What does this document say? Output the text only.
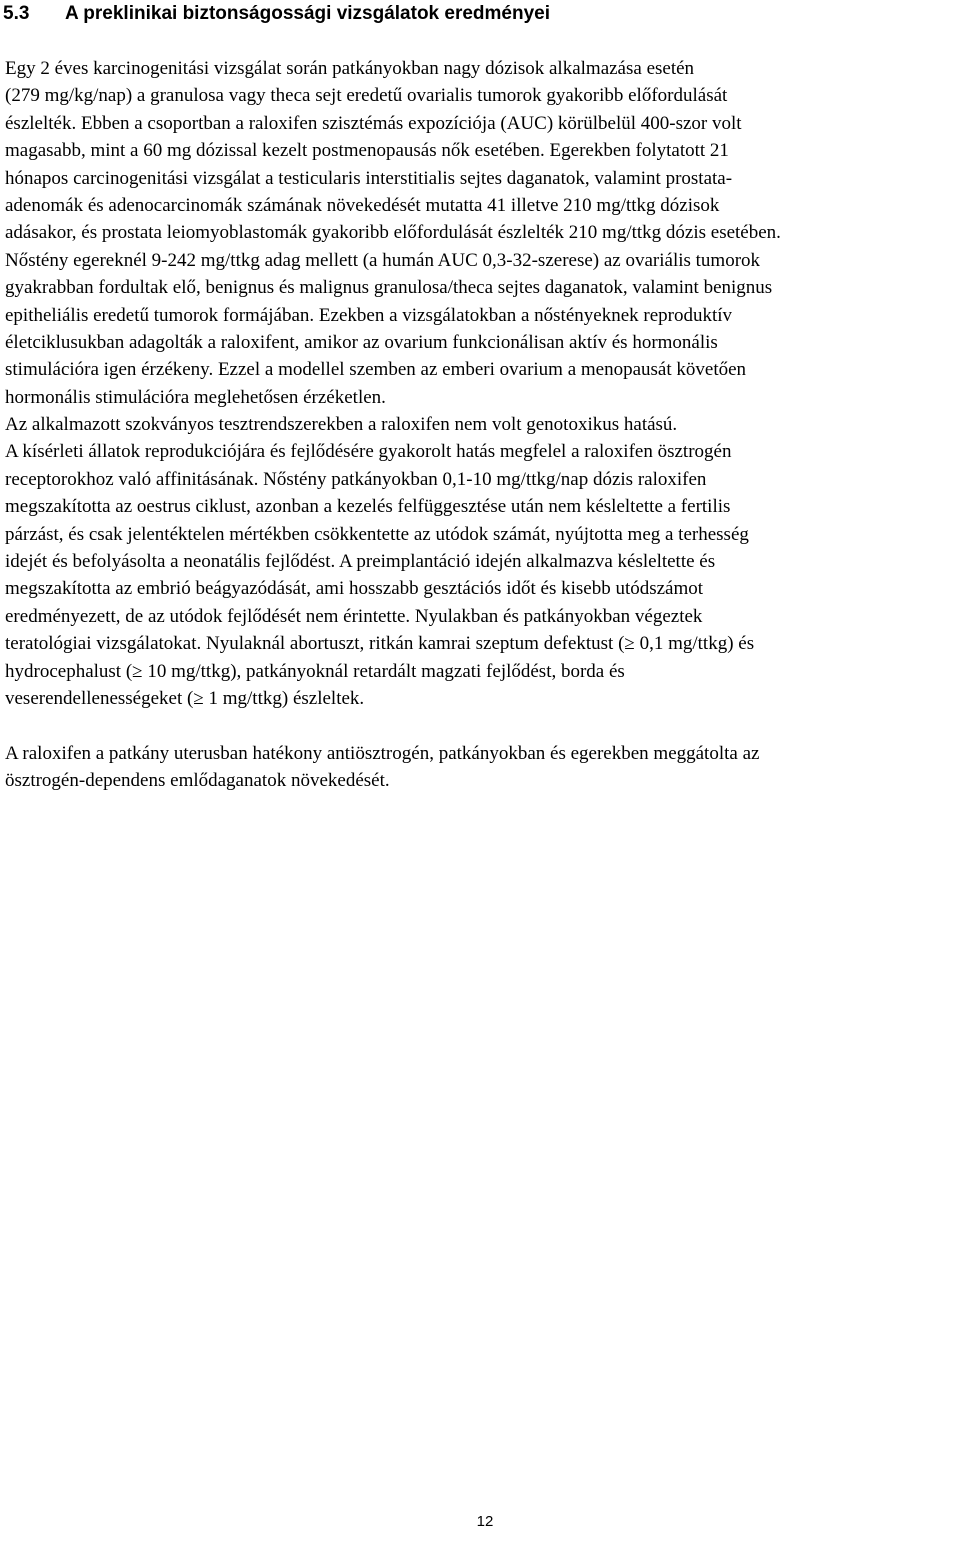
5.3 A preklinikai biztonságossági vizsgálatok eredményei
Egy 2 éves karcinogenitási vizsgálat során patkányokban nagy dózisok alkalmazása esetén
(279 mg/kg/nap) a granulosa vagy theca sejt eredetű ovarialis tumorok gyakoribb előfordulását
észlelték. Ebben a csoportban a raloxifen szisztémás expozíciója (AUC) körülbelül 400-szor volt
magasabb, mint a 60 mg dózissal kezelt postmenopausás nők esetében. Egerekben folytatott 21
hónapos carcinogenitási vizsgálat a testicularis interstitialis sejtes daganatok, valamint prostata-
adenomák és adenocarcinomák számának növekedését mutatta 41 illetve 210 mg/ttkg dózisok
adásakor, és prostata leiomyoblastomák gyakoribb előfordulását észlelték 210 mg/ttkg dózis esetében.
Nőstény egereknél 9-242 mg/ttkg adag mellett (a humán AUC 0,3-32-szerese) az ovariális tumorok
gyakrabban fordultak elő, benignus és malignus granulosa/theca sejtes daganatok, valamint benignus
epitheliális eredetű tumorok formájában. Ezekben a vizsgálatokban a nőstényeknek reproduktív
életciklusukban adagolták a raloxifent, amikor az ovarium funkcionálisan aktív és hormonális
stimulációra igen érzékeny. Ezzel a modellel szemben az emberi ovarium a menopausát követően
hormonális stimulációra meglehetősen érzéketlen.
Az alkalmazott szokványos tesztrendszerekben a raloxifen nem volt genotoxikus hatású.
A kísérleti állatok reprodukciójára és fejlődésére gyakorolt hatás megfelel a raloxifen ösztrogén
receptorokhoz való affinitásának. Nőstény patkányokban 0,1-10 mg/ttkg/nap dózis raloxifen
megszakította az oestrus ciklust, azonban a kezelés felfüggesztése után nem késleltette a fertilis
párzást, és csak jelentéktelen mértékben csökkentette az utódok számát, nyújtotta meg a terhesség
idejét és befolyásolta a neonatális fejlődést. A preimplantáció idején alkalmazva késleltette és
megszakította az embrió beágyazódását, ami hosszabb gesztációs időt és kisebb utódszámot
eredményezett, de az utódok fejlődését nem érintette. Nyulakban és patkányokban végeztek
teratológiai vizsgálatokat. Nyulaknál abortuszt, ritkán kamrai szeptum defektust (≥ 0,1 mg/ttkg) és
hydrocephalust (≥ 10 mg/ttkg), patkányoknál retardált magzati fejlődést, borda és
veserendellenességeket (≥ 1 mg/ttkg) észleltek.
A raloxifen a patkány uterusban hatékony antiösztrogén, patkányokban és egerekben meggátolta az
ösztrogén-dependens emlődaganatok növekedését.
12
